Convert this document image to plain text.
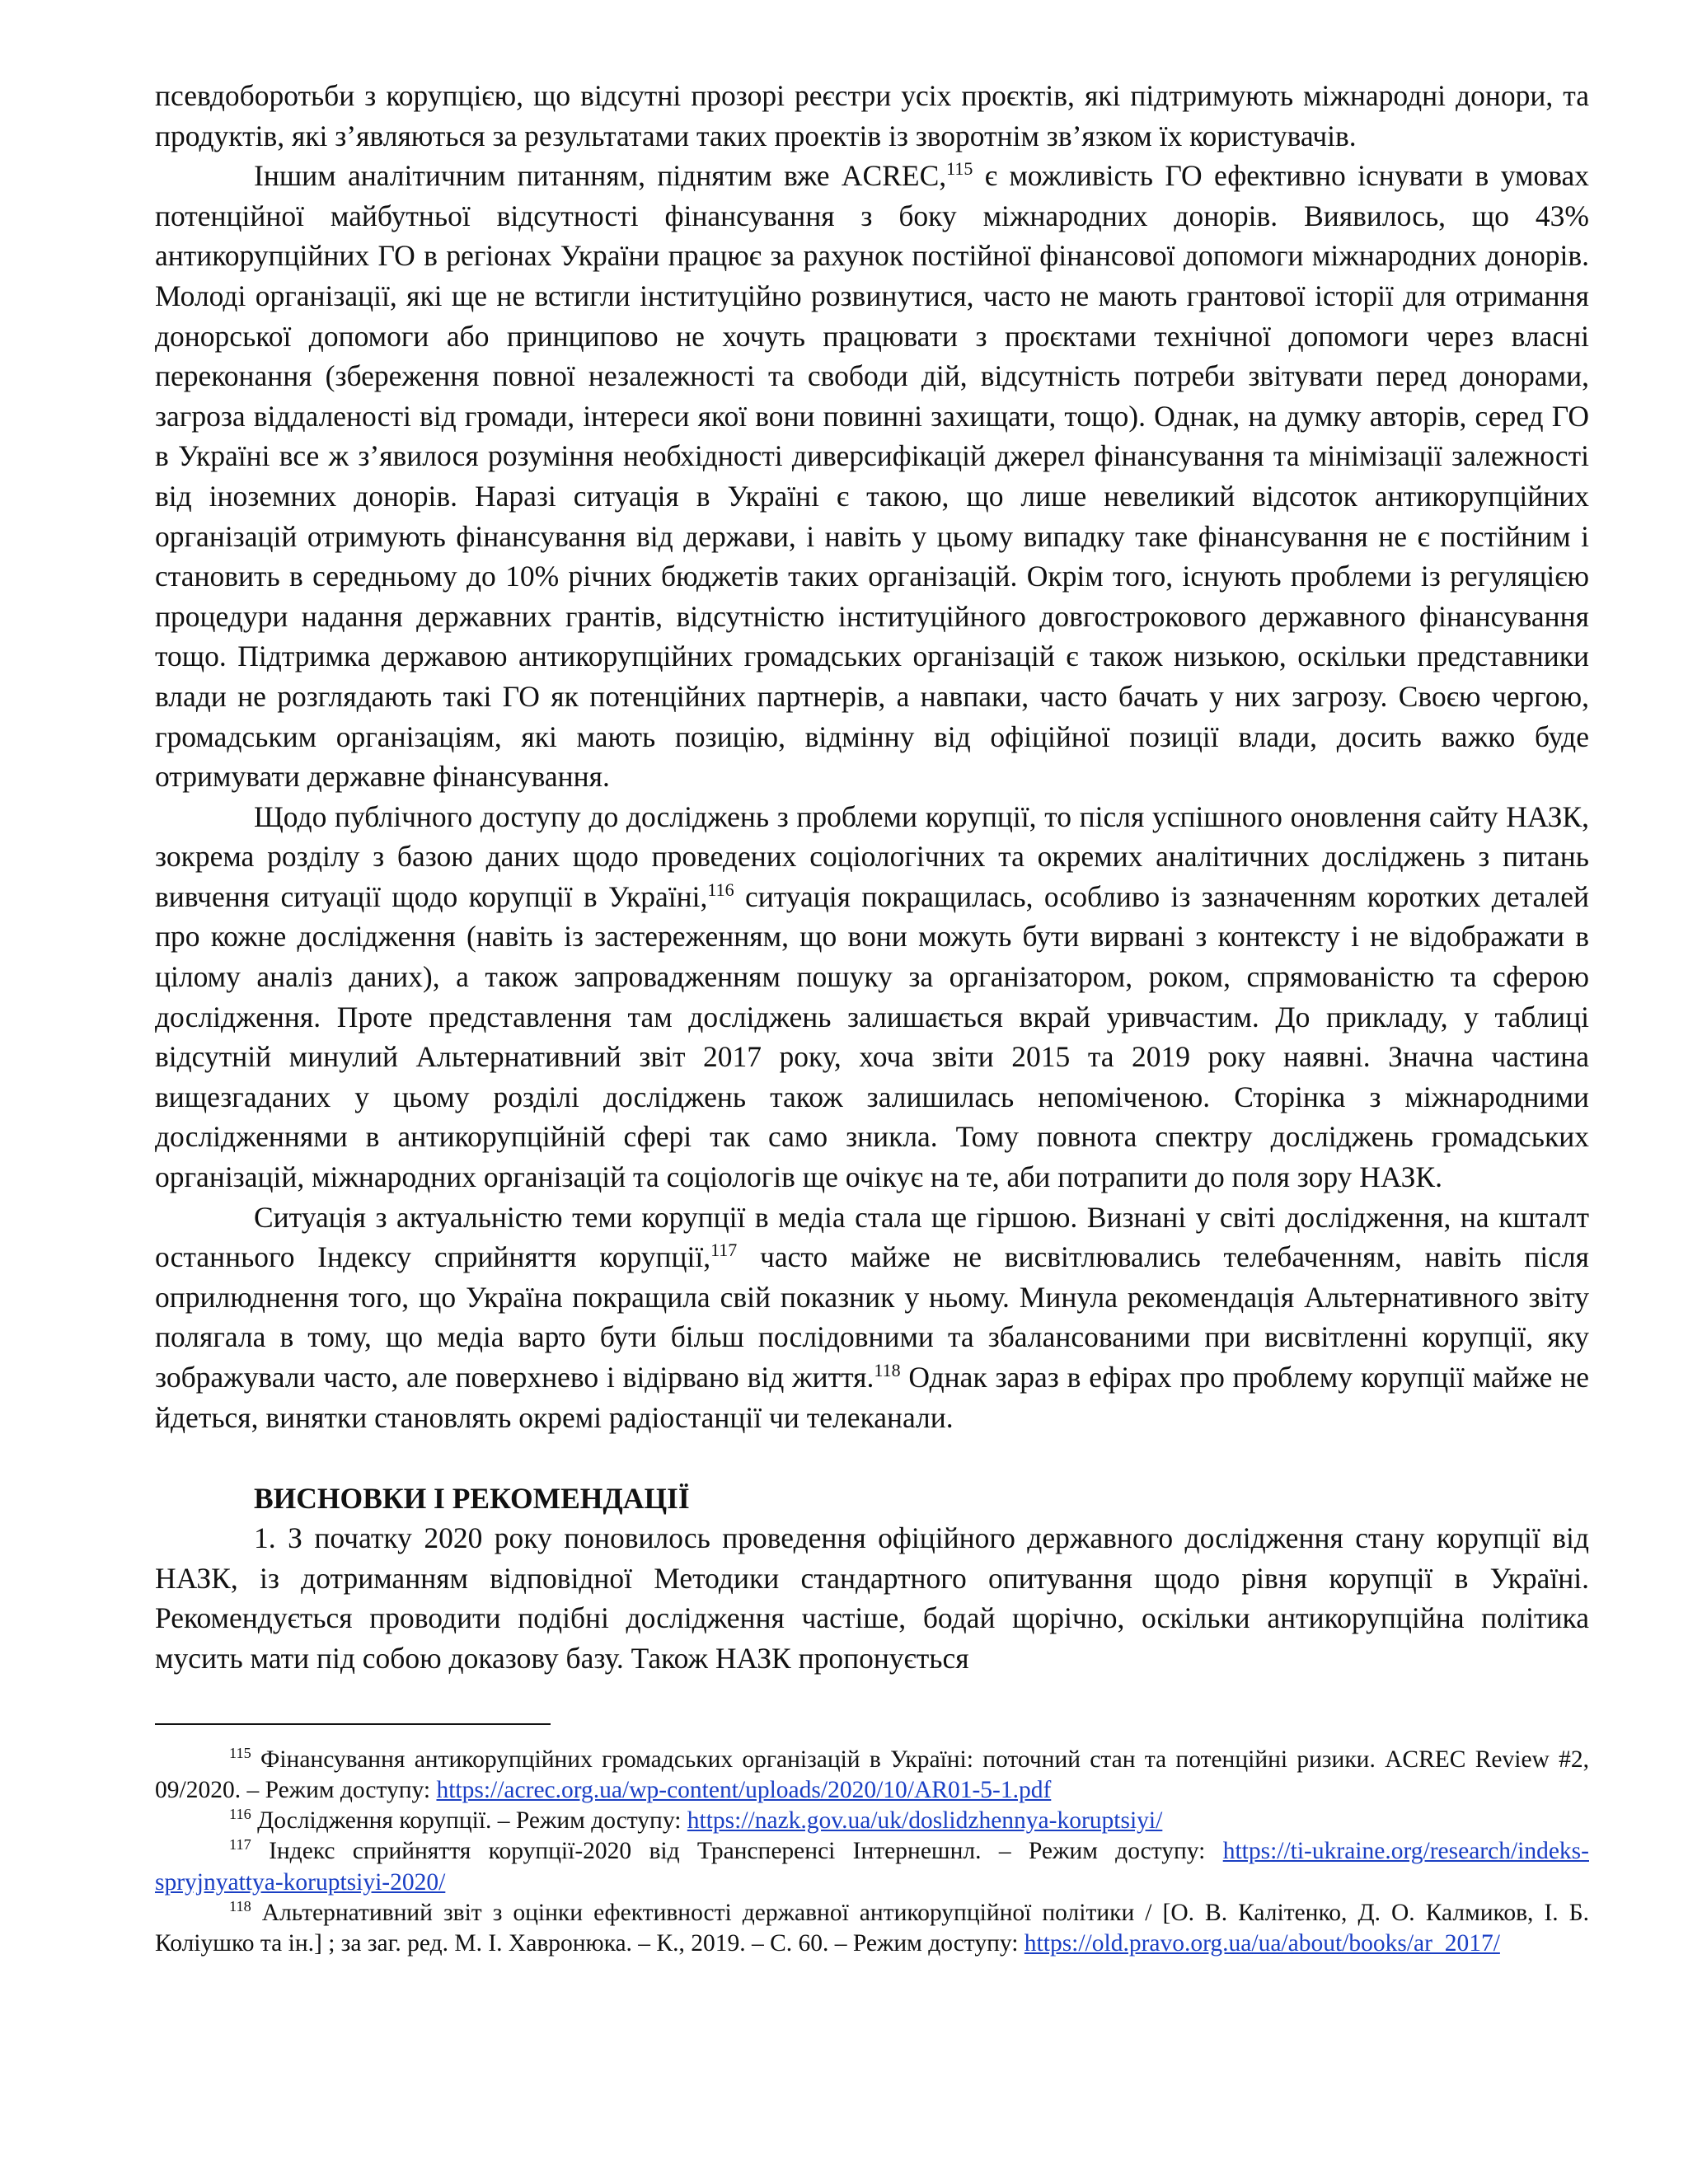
псевдоборотьби з корупцією, що відсутні прозорі реєстри усіх проєктів, які підтримують міжнародні донори, та продуктів, які з’являються за результатами таких проектів із зворотнім зв’язком їх користувачів.

Іншим аналітичним питанням, піднятим вже ACREC,$^{115}$ є можливість ГО ефективно існувати в умовах потенційної майбутньої відсутності фінансування з боку міжнародних донорів. Виявилось, що 43% антикорупційних ГО в регіонах України працює за рахунок постійної фінансової допомоги міжнародних донорів. Молоді організації, які ще не встигли інституційно розвинутися, часто не мають грантової історії для отримання донорської допомоги або принципово не хочуть працювати з проєктами технічної допомоги через власні переконання (збереження повної незалежності та свободи дій, відсутність потреби звітувати перед донорами, загроза віддаленості від громади, інтереси якої вони повинні захищати, тощо). Однак, на думку авторів, серед ГО в Україні все ж з’явилося розуміння необхідності диверсифікацій джерел фінансування та мінімізації залежності від іноземних донорів. Наразі ситуація в Україні є такою, що лише невеликий відсоток антикорупційних організацій отримують фінансування від держави, і навіть у цьому випадку таке фінансування не є постійним і становить в середньому до 10% річних бюджетів таких організацій. Окрім того, існують проблеми із регуляцією процедури надання державних грантів, відсутністю інституційного довгострокового державного фінансування тощо. Підтримка державою антикорупційних громадських організацій є також низькою, оскільки представники влади не розглядають такі ГО як потенційних партнерів, а навпаки, часто бачать у них загрозу. Своєю чергою, громадським організаціям, які мають позицію, відмінну від офіційної позиції влади, досить важко буде отримувати державне фінансування.

Щодо публічного доступу до досліджень з проблеми корупції, то після успішного оновлення сайту НАЗК, зокрема розділу з базою даних щодо проведених соціологічних та окремих аналітичних досліджень з питань вивчення ситуації щодо корупції в Україні,$^{116}$ ситуація покращилась, особливо із зазначенням коротких деталей про кожне дослідження (навіть із застереженням, що вони можуть бути вирвані з контексту і не відображати в цілому аналіз даних), а також запровадженням пошуку за організатором, роком, спрямованістю та сферою дослідження. Проте представлення там досліджень залишається вкрай уривчастим. До прикладу, у таблиці відсутній минулий Альтернативний звіт 2017 року, хоча звіти 2015 та 2019 року наявні. Значна частина вищезгаданих у цьому розділі досліджень також залишилась непоміченою. Сторінка з міжнародними дослідженнями в антикорупційній сфері так само зникла. Тому повнота спектру досліджень громадських організацій, міжнародних організацій та соціологів ще очікує на те, аби потрапити до поля зору НАЗК.

Ситуація з актуальністю теми корупції в медіа стала ще гіршою. Визнані у світі дослідження, на кшталт останнього Індексу сприйняття корупції,$^{117}$ часто майже не висвітлювались телебаченням, навіть після оприлюднення того, що Україна покращила свій показник у ньому. Минула рекомендація Альтернативного звіту полягала в тому, що медіа варто бути більш послідовними та збалансованими при висвітленні корупції, яку зображували часто, але поверхнево і відірвано від життя.$^{118}$ Однак зараз в ефірах про проблему корупції майже не йдеться, винятки становлять окремі радіостанції чи телеканали.

ВИСНОВКИ І РЕКОМЕНДАЦІЇ

1. З початку 2020 року поновилось проведення офіційного державного дослідження стану корупції від НАЗК, із дотриманням відповідної Методики стандартного опитування щодо рівня корупції в Україні. Рекомендується проводити подібні дослідження частіше, бодай щорічно, оскільки антикорупційна політика мусить мати під собою доказову базу. Також НАЗК пропонується

$^{115}$ Фінансування антикорупційних громадських організацій в Україні: поточний стан та потенційні ризики. ACREC Review #2, 09/2020. – Режим доступу: https://acrec.org.ua/wp-content/uploads/2020/10/AR01-5-1.pdf

$^{116}$ Дослідження корупції. – Режим доступу: https://nazk.gov.ua/uk/doslidzhennya-koruptsiyi/

$^{117}$ Індекс сприйняття корупції-2020 від Трансперенсі Інтернешнл. – Режим доступу: https://ti-ukraine.org/research/indeks-spryjnyattya-koruptsiyi-2020/

$^{118}$ Альтернативний звіт з оцінки ефективності державної антикорупційної політики / [О. В. Калітенко, Д. О. Калмиков, І. Б. Коліушко та ін.] ; за заг. ред. М. І. Хавронюка. – К., 2019. – С. 60. – Режим доступу: https://old.pravo.org.ua/ua/about/books/ar_2017/
